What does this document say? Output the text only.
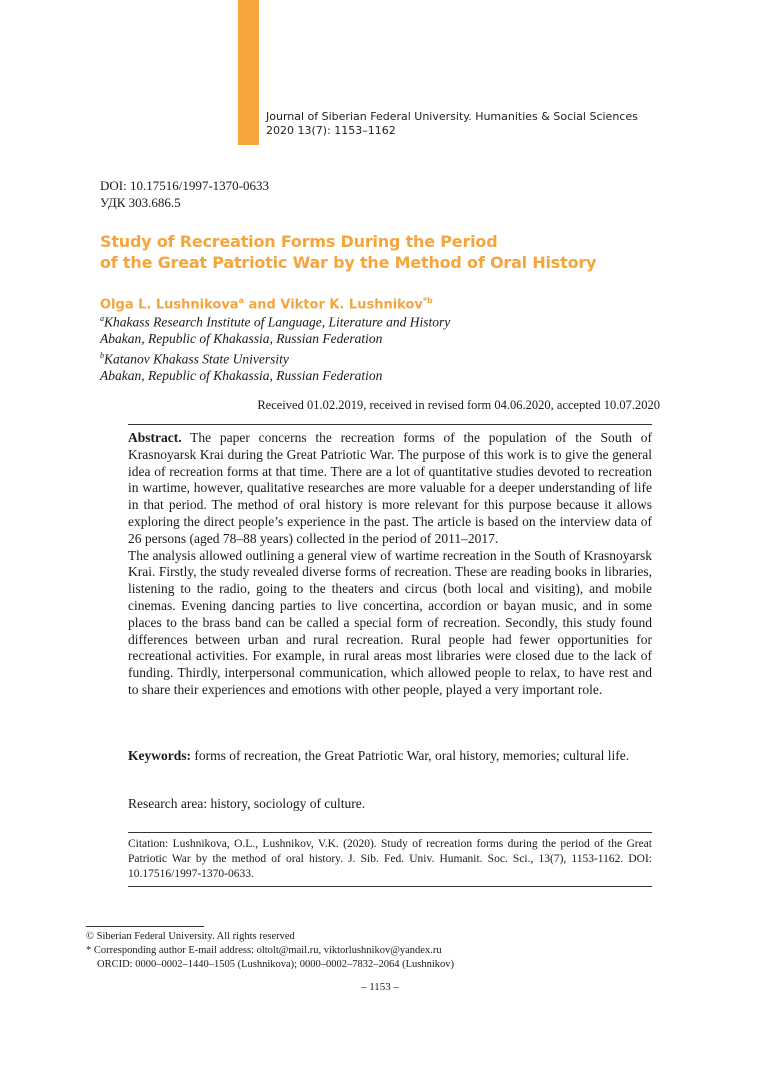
Journal of Siberian Federal University. Humanities & Social Sciences
2020 13(7): 1153–1162
DOI: 10.17516/1997-1370-0633
УДК 303.686.5
Study of Recreation Forms During the Period
of the Great Patriotic War by the Method of Oral History

Olga L. Lushnikova$^a$ and Viktor K. Lushnikov$^{*b}$

$^a$Khakass Research Institute of Language, Literature and History
Abakan, Republic of Khakassia, Russian Federation
$^b$Katanov Khakass State University
Abakan, Republic of Khakassia, Russian Federation
Received 01.02.2019, received in revised form 04.06.2020, accepted 10.07.2020

Abstract. The paper concerns the recreation forms of the population of the South of Krasnoyarsk Krai during the Great Patriotic War. The purpose of this work is to give the general idea of recreation forms at that time. There are a lot of quantitative studies devoted to recreation in wartime, however, qualitative researches are more valuable for a deeper understanding of life in that period. The method of oral history is more relevant for this purpose because it allows exploring the direct people’s experience in the past. The article is based on the interview data of 26 persons (aged 78–88 years) collected in the period of 2011–2017.

The analysis allowed outlining a general view of wartime recreation in the South of Krasnoyarsk Krai. Firstly, the study revealed diverse forms of recreation. These are reading books in libraries, listening to the radio, going to the theaters and circus (both local and visiting), and mobile cinemas. Evening dancing parties to live concertina, accordion or bayan music, and in some places to the brass band can be called a special form of recreation. Secondly, this study found differences between urban and rural recreation. Rural people had fewer opportunities for recreational activities. For example, in rural areas most libraries were closed due to the lack of funding. Thirdly, interpersonal communication, which allowed people to relax, to have rest and to share their experiences and emotions with other people, played a very important role.

Keywords: forms of recreation, the Great Patriotic War, oral history, memories; cultural life.

Research area: history, sociology of culture.

Citation: Lushnikova, O.L., Lushnikov, V.K. (2020). Study of recreation forms during the period of the Great Patriotic War by the method of oral history. J. Sib. Fed. Univ. Humanit. Soc. Sci., 13(7), 1153-1162. DOI: 10.17516/1997-1370-0633.

© Siberian Federal University. All rights reserved
* Corresponding author E-mail address: oltolt@mail.ru, viktorlushnikov@yandex.ru
ORCID: 0000–0002–1440–1505 (Lushnikova); 0000–0002–7832–2064 (Lushnikov)
– 1153 –
